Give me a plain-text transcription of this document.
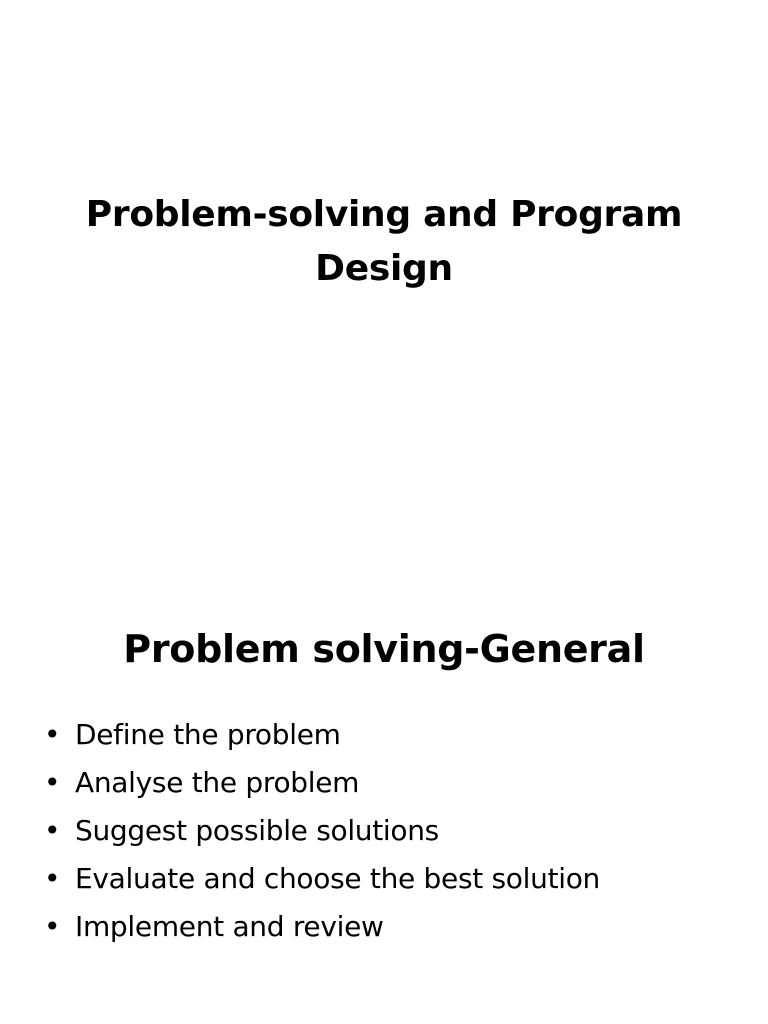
Problem-solving and Program Design
Problem solving-General
• Define the problem
• Analyse the problem
• Suggest possible solutions
• Evaluate and choose the best solution
• Implement and review
